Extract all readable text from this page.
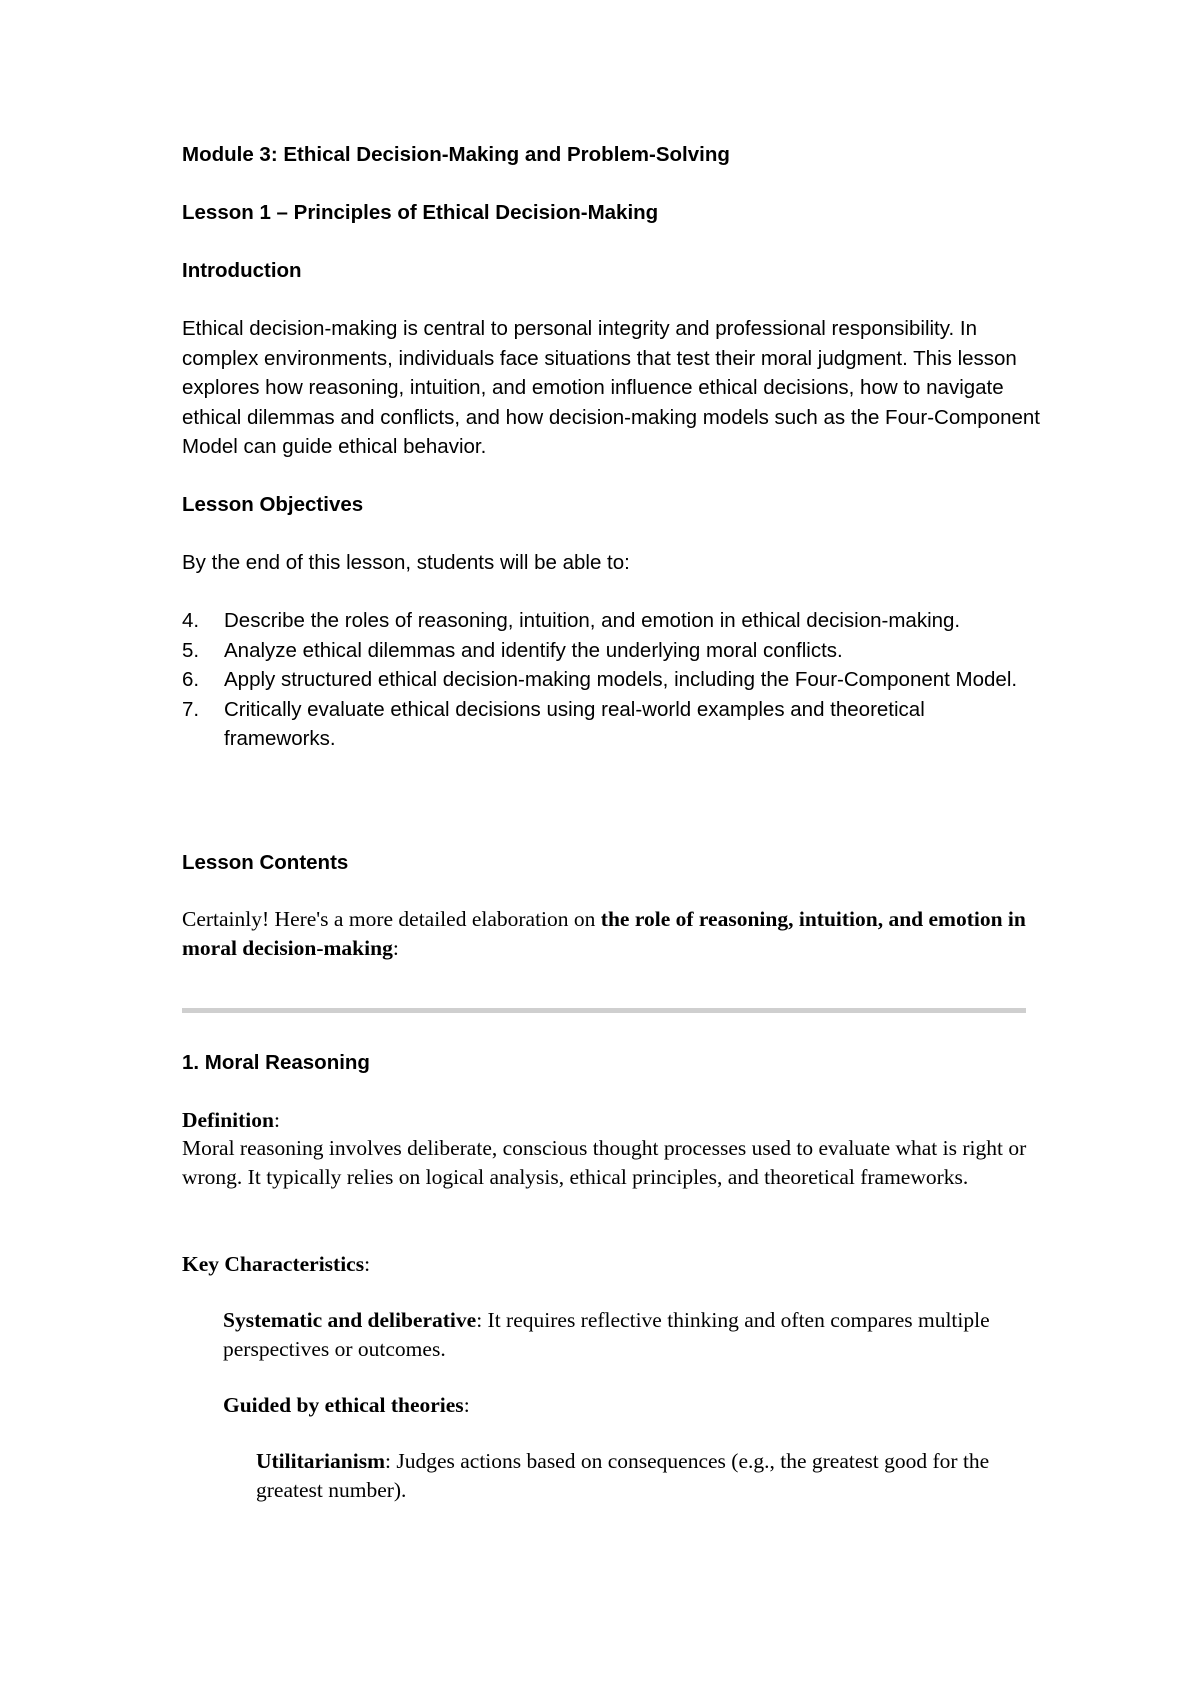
Module 3: Ethical Decision-Making and Problem-Solving

Lesson 1 – Principles of Ethical Decision-Making

Introduction

Ethical decision-making is central to personal integrity and professional responsibility. In complex environments, individuals face situations that test their moral judgment. This lesson explores how reasoning, intuition, and emotion influence ethical decisions, how to navigate ethical dilemmas and conflicts, and how decision-making models such as the Four-Component Model can guide ethical behavior.

Lesson Objectives

By the end of this lesson, students will be able to:

4. Describe the roles of reasoning, intuition, and emotion in ethical decision-making.
5. Analyze ethical dilemmas and identify the underlying moral conflicts.
6. Apply structured ethical decision-making models, including the Four-Component Model.
7. Critically evaluate ethical decisions using real-world examples and theoretical frameworks.

Lesson Contents

Certainly! Here's a more detailed elaboration on the role of reasoning, intuition, and emotion in moral decision-making:

1. Moral Reasoning

Definition:

Moral reasoning involves deliberate, conscious thought processes used to evaluate what is right or wrong. It typically relies on logical analysis, ethical principles, and theoretical frameworks.

Key Characteristics:

Systematic and deliberative: It requires reflective thinking and often compares multiple perspectives or outcomes.

Guided by ethical theories:

Utilitarianism: Judges actions based on consequences (e.g., the greatest good for the greatest number).
